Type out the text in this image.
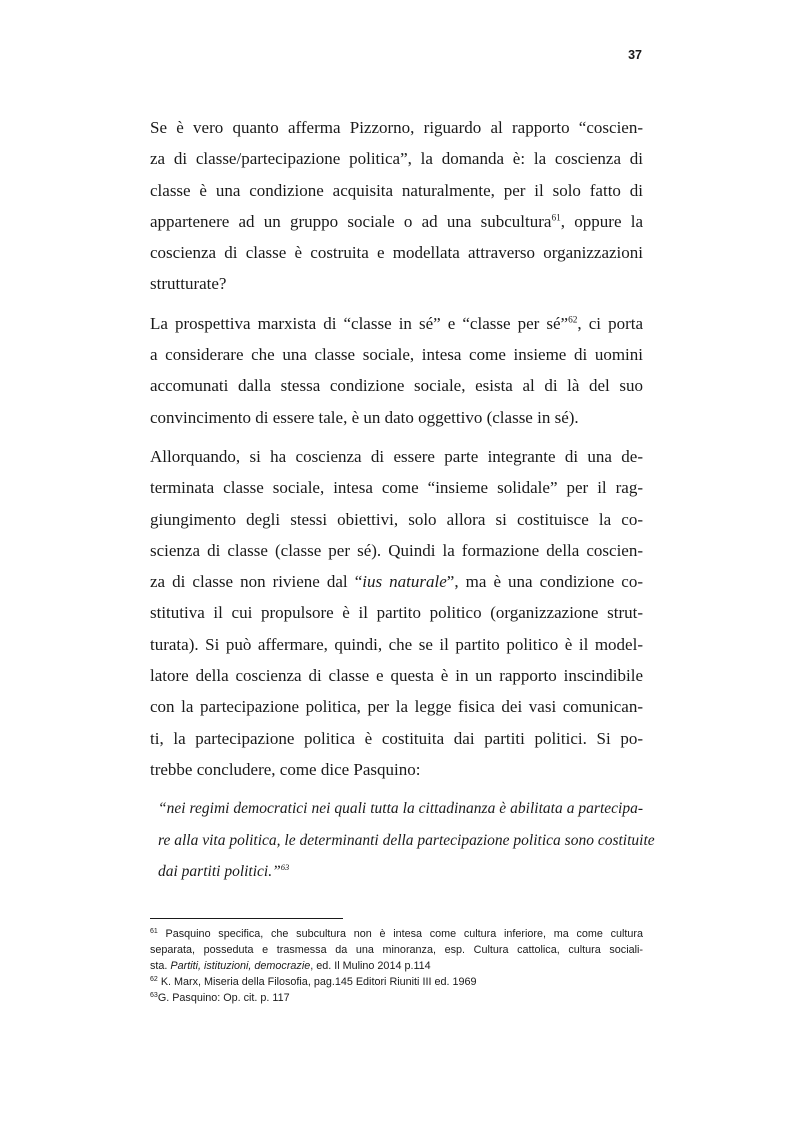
37

Se è vero quanto afferma Pizzorno, riguardo al rapporto “coscien-
za di classe/partecipazione politica”, la domanda è: la coscienza di
classe è una condizione acquisita naturalmente, per il solo fatto di
appartenere ad un gruppo sociale o ad una subcultura$^{61}$, oppure la
coscienza di classe è costruita e modellata attraverso organizzazioni
strutturate?

La prospettiva marxista di “classe in sé” e “classe per sé”$^{62}$, ci porta
a considerare che una classe sociale, intesa come insieme di uomini
accomunati dalla stessa condizione sociale, esista al di là del suo
convincimento di essere tale, è un dato oggettivo (classe in sé).

Allorquando, si ha coscienza di essere parte integrante di una de-
terminata classe sociale, intesa come “insieme solidale” per il rag-
giungimento degli stessi obiettivi, solo allora si costituisce la co-
scienza di classe (classe per sé). Quindi la formazione della coscien-
za di classe non riviene dal “ius naturale”, ma è una condizione co-
stitutiva il cui propulsore è il partito politico (organizzazione strut-
turata). Si può affermare, quindi, che se il partito politico è il model-
latore della coscienza di classe e questa è in un rapporto inscindibile
con la partecipazione politica, per la legge fisica dei vasi comunican-
ti, la partecipazione politica è costituita dai partiti politici. Si po-
trebbe concludere, come dice Pasquino:

“nei regimi democratici nei quali tutta la cittadinanza è abilitata a partecipa-
re alla vita politica, le determinanti della partecipazione politica sono costituite
dai partiti politici.”$^{63}$

$^{61}$ Pasquino specifica, che subcultura non è intesa come cultura inferiore, ma come cultura
separata, posseduta e trasmessa da una minoranza, esp. Cultura cattolica, cultura sociali-
sta. Partiti, istituzioni, democrazie, ed. Il Mulino 2014 p.114

$^{62}$ K. Marx, Miseria della Filosofia, pag.145 Editori Riuniti III ed. 1969

$^{63}$G. Pasquino: Op. cit. p. 117
